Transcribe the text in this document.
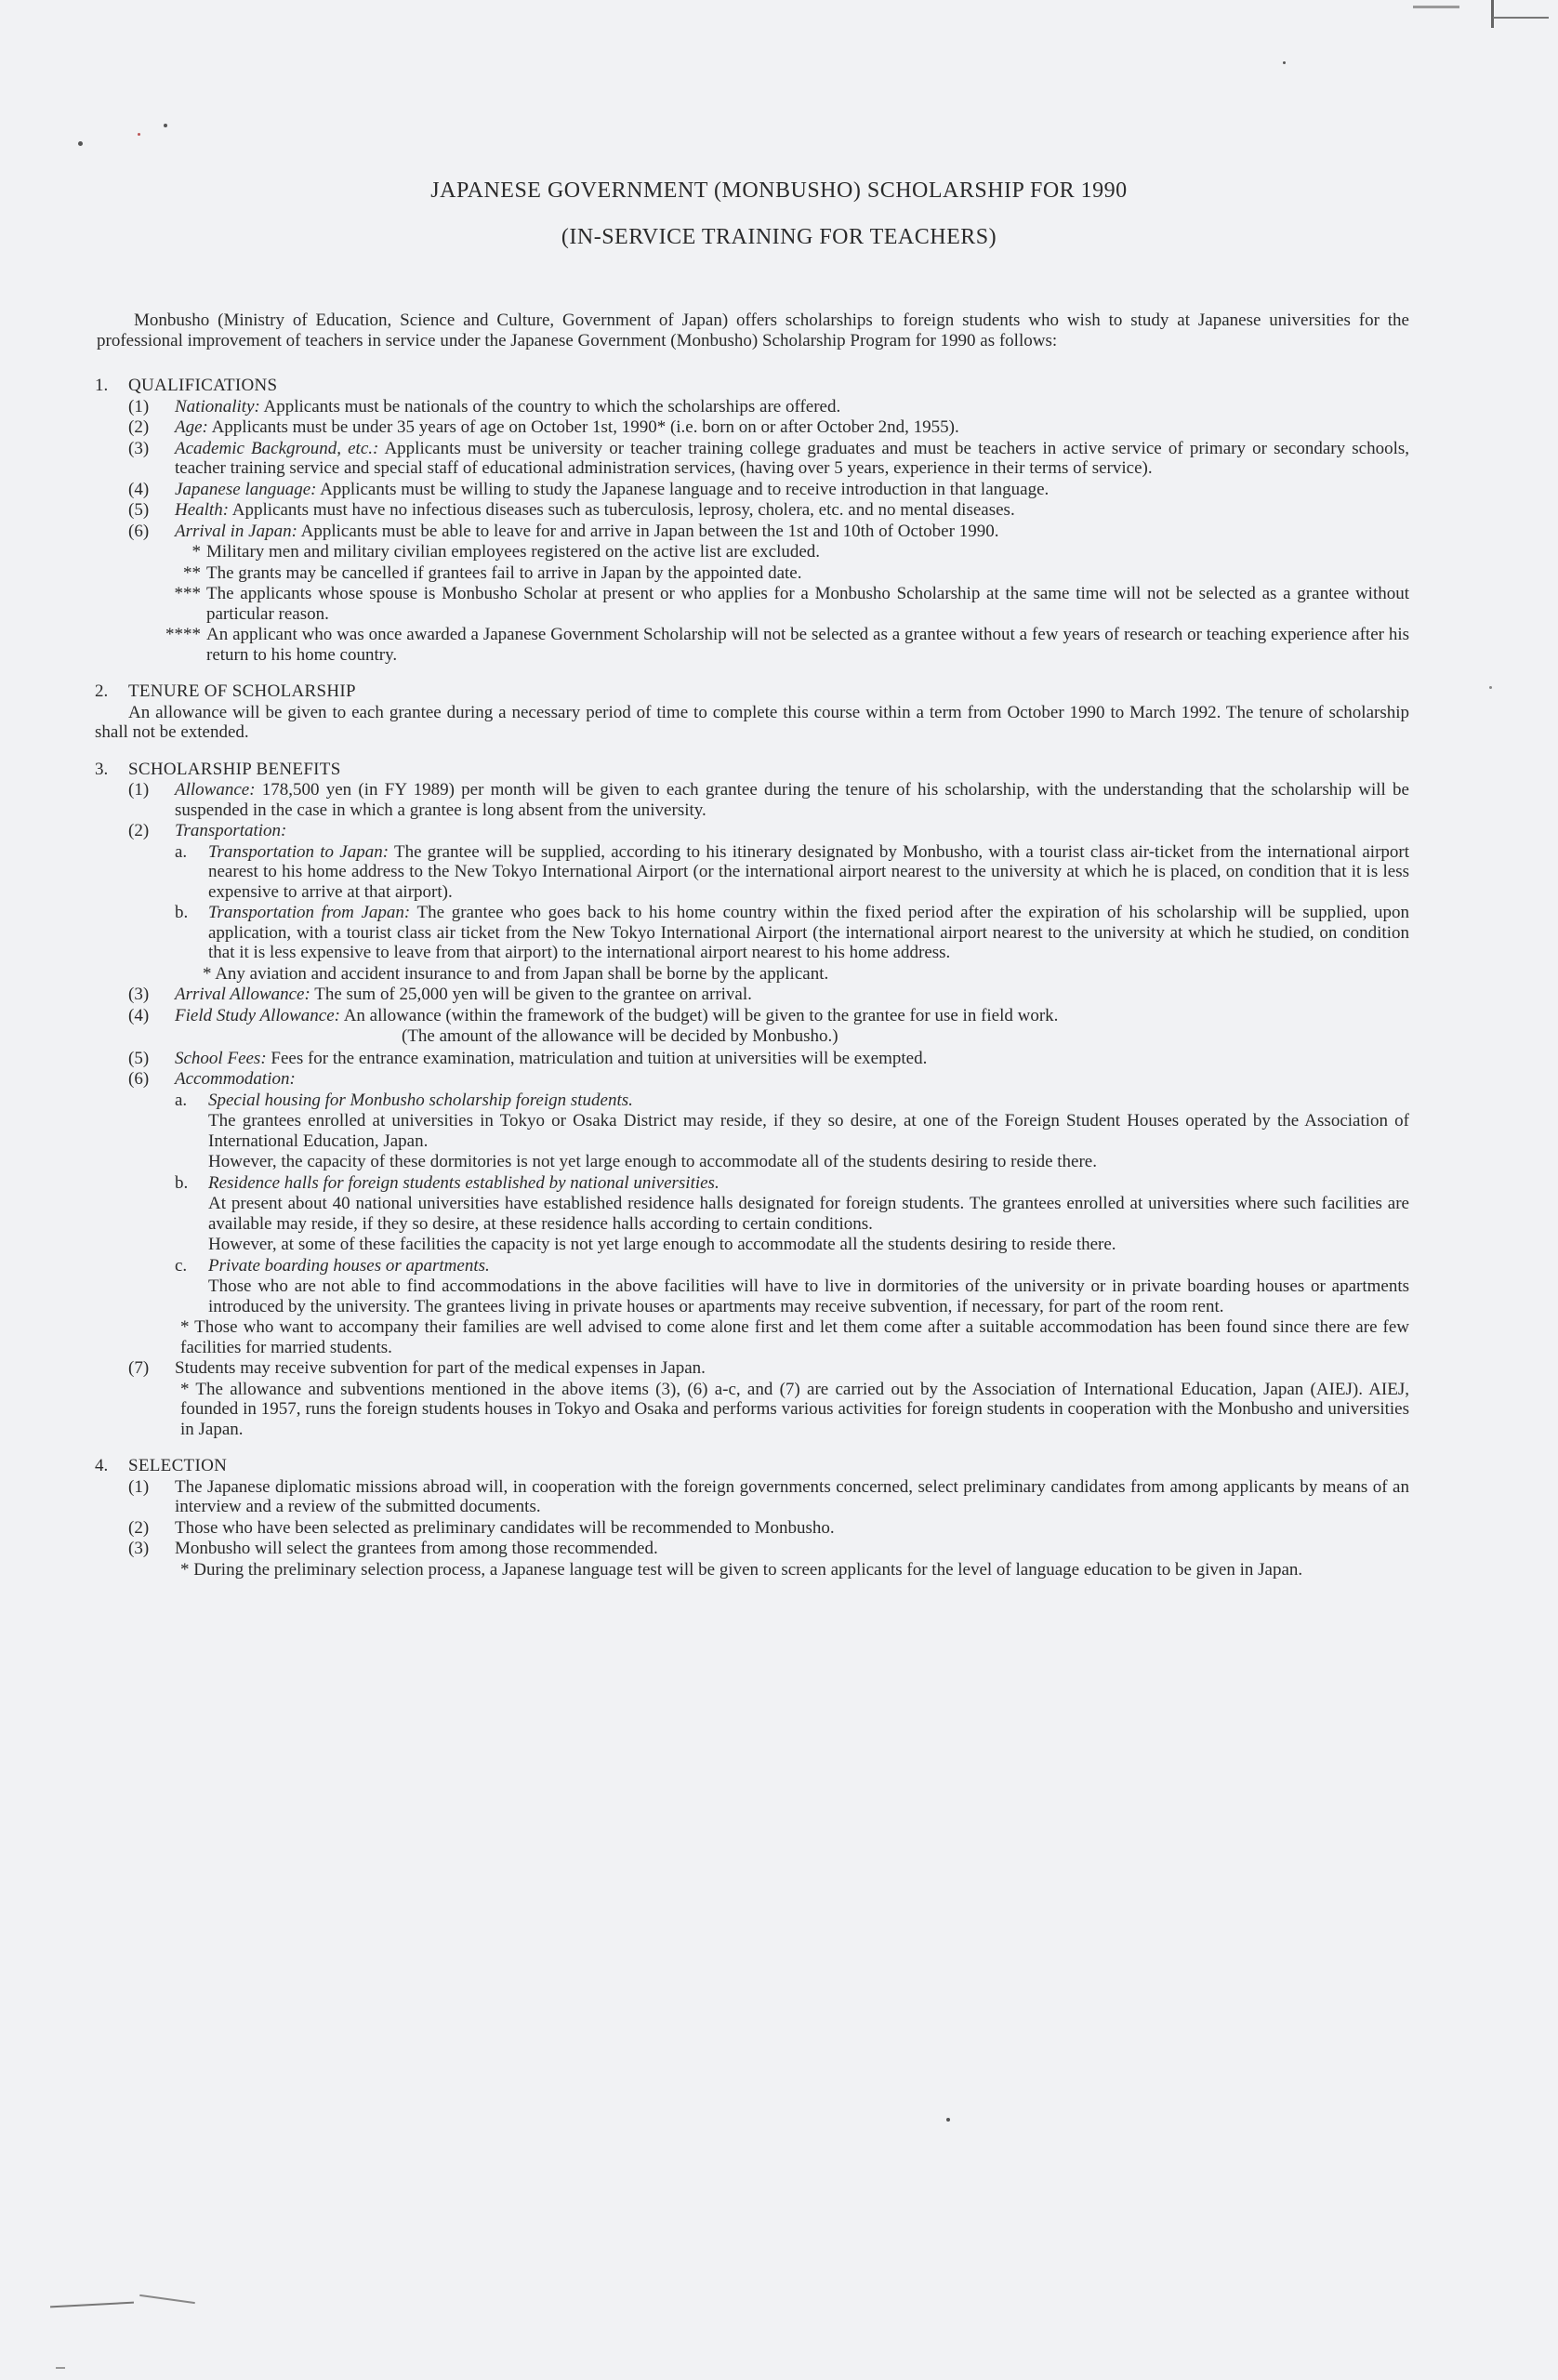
JAPANESE GOVERNMENT (MONBUSHO) SCHOLARSHIP FOR 1990
(IN-SERVICE TRAINING FOR TEACHERS)
Monbusho (Ministry of Education, Science and Culture, Government of Japan) offers scholarships to foreign students who wish to study at Japanese universities for the professional improvement of teachers in service under the Japanese Government (Monbusho) Scholarship Program for 1990 as follows:
1.	QUALIFICATIONS
(1)	Nationality: Applicants must be nationals of the country to which the scholarships are offered.
(2)	Age: Applicants must be under 35 years of age on October 1st, 1990* (i.e. born on or after October 2nd, 1955).
(3)	Academic Background, etc.: Applicants must be university or teacher training college graduates and must be teachers in active service of primary or secondary schools, teacher training service and special staff of educational administration services, (having over 5 years, experience in their terms of service).
(4)	Japanese language: Applicants must be willing to study the Japanese language and to receive introduction in that language.
(5)	Health: Applicants must have no infectious diseases such as tuberculosis, leprosy, cholera, etc. and no mental diseases.
(6)	Arrival in Japan: Applicants must be able to leave for and arrive in Japan between the 1st and 10th of October 1990.
* Military men and military civilian employees registered on the active list are excluded.
** The grants may be cancelled if grantees fail to arrive in Japan by the appointed date.
*** The applicants whose spouse is Monbusho Scholar at present or who applies for a Monbusho Scholarship at the same time will not be selected as a grantee without particular reason.
**** An applicant who was once awarded a Japanese Government Scholarship will not be selected as a grantee without a few years of research or teaching experience after his return to his home country.
2.	TENURE OF SCHOLARSHIP
An allowance will be given to each grantee during a necessary period of time to complete this course within a term from October 1990 to March 1992. The tenure of scholarship shall not be extended.
3.	SCHOLARSHIP BENEFITS
(1)	Allowance: 178,500 yen (in FY 1989) per month will be given to each grantee during the tenure of his scholarship, with the understanding that the scholarship will be suspended in the case in which a grantee is long absent from the university.
(2)	Transportation:
a.	Transportation to Japan: The grantee will be supplied, according to his itinerary designated by Monbusho, with a tourist class air-ticket from the international airport nearest to his home address to the New Tokyo International Airport (or the international airport nearest to the university at which he is placed, on condition that it is less expensive to arrive at that airport).
b.	Transportation from Japan: The grantee who goes back to his home country within the fixed period after the expiration of his scholarship will be supplied, upon application, with a tourist class air ticket from the New Tokyo International Airport (the international airport nearest to the university at which he studied, on condition that it is less expensive to leave from that airport) to the international airport nearest to his home address.
* Any aviation and accident insurance to and from Japan shall be borne by the applicant.
(3)	Arrival Allowance: The sum of 25,000 yen will be given to the grantee on arrival.
(4)	Field Study Allowance: An allowance (within the framework of the budget) will be given to the grantee for use in field work.
(The amount of the allowance will be decided by Monbusho.)
(5)	School Fees: Fees for the entrance examination, matriculation and tuition at universities will be exempted.
(6)	Accommodation:
a.	Special housing for Monbusho scholarship foreign students.
The grantees enrolled at universities in Tokyo or Osaka District may reside, if they so desire, at one of the Foreign Student Houses operated by the Association of International Education, Japan.
However, the capacity of these dormitories is not yet large enough to accommodate all of the students desiring to reside there.
b.	Residence halls for foreign students established by national universities.
At present about 40 national universities have established residence halls designated for foreign students. The grantees enrolled at universities where such facilities are available may reside, if they so desire, at these residence halls according to certain conditions.
However, at some of these facilities the capacity is not yet large enough to accommodate all the students desiring to reside there.
c.	Private boarding houses or apartments.
Those who are not able to find accommodations in the above facilities will have to live in dormitories of the university or in private boarding houses or apartments introduced by the university. The grantees living in private houses or apartments may receive subvention, if necessary, for part of the room rent.
* Those who want to accompany their families are well advised to come alone first and let them come after a suitable accommodation has been found since there are few facilities for married students.
(7)	Students may receive subvention for part of the medical expenses in Japan.
* The allowance and subventions mentioned in the above items (3), (6) a-c, and (7) are carried out by the Association of International Education, Japan (AIEJ). AIEJ, founded in 1957, runs the foreign students houses in Tokyo and Osaka and performs various activities for foreign students in cooperation with the Monbusho and universities in Japan.
4.	SELECTION
(1)	The Japanese diplomatic missions abroad will, in cooperation with the foreign governments concerned, select preliminary candidates from among applicants by means of an interview and a review of the submitted documents.
(2)	Those who have been selected as preliminary candidates will be recommended to Monbusho.
(3)	Monbusho will select the grantees from among those recommended.
* During the preliminary selection process, a Japanese language test will be given to screen applicants for the level of language education to be given in Japan.
